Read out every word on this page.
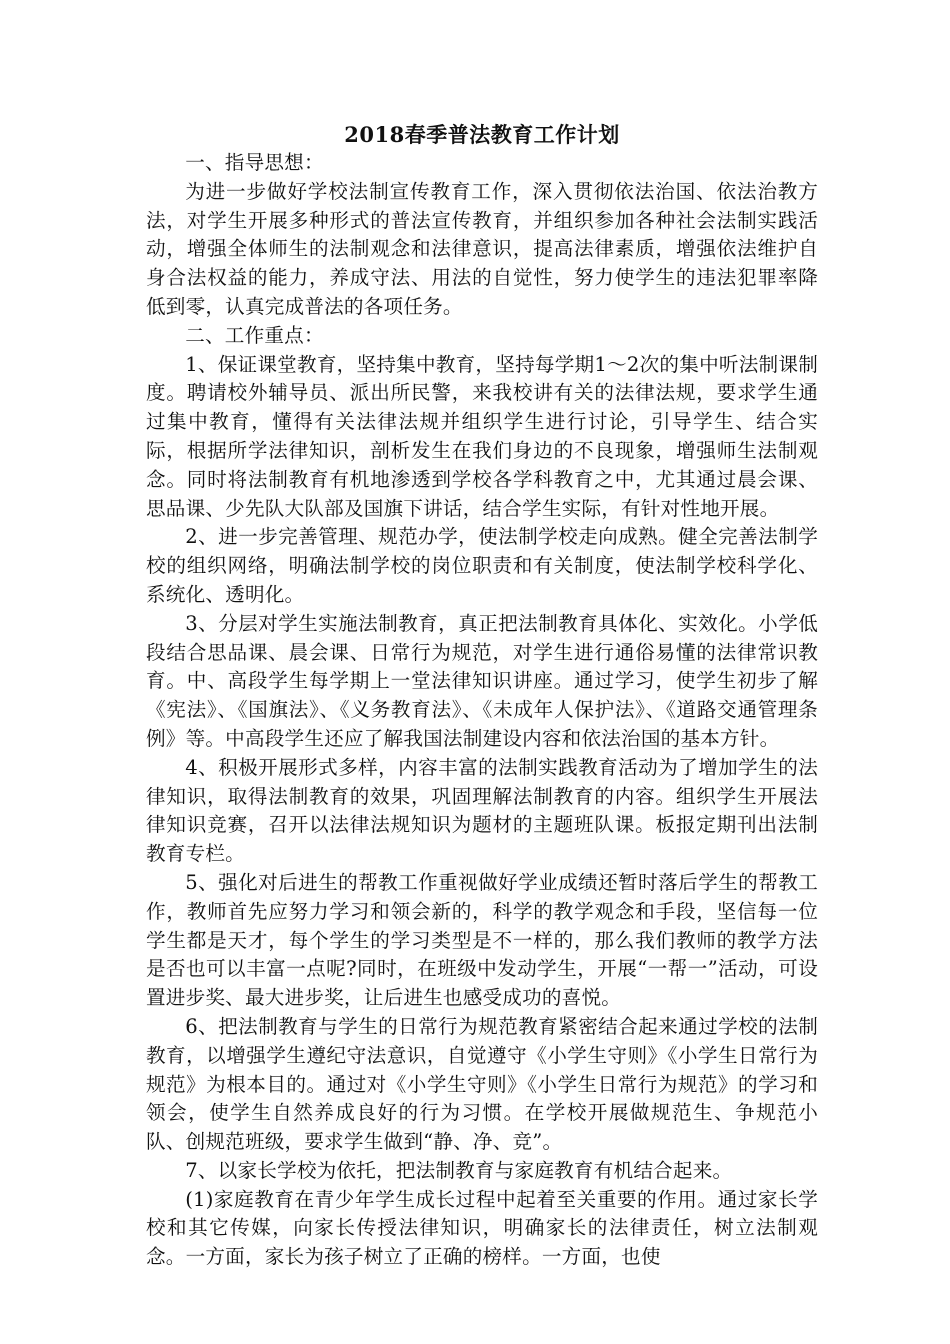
2018春季普法教育工作计划

一、指导思想：

为进一步做好学校法制宣传教育工作，深入贯彻依法治国、依法治教方法，对学生开展多种形式的普法宣传教育，并组织参加各种社会法制实践活动，增强全体师生的法制观念和法律意识，提高法律素质，增强依法维护自身合法权益的能力，养成守法、用法的自觉性，努力使学生的违法犯罪率降低到零，认真完成普法的各项任务。

二、工作重点：

1、保证课堂教育，坚持集中教育，坚持每学期1～2次的集中听法制课制度。聘请校外辅导员、派出所民警，来我校讲有关的法律法规，要求学生通过集中教育，懂得有关法律法规并组织学生进行讨论，引导学生、结合实际，根据所学法律知识，剖析发生在我们身边的不良现象，增强师生法制观念。同时将法制教育有机地渗透到学校各学科教育之中，尤其通过晨会课、思品课、少先队大队部及国旗下讲话，结合学生实际，有针对性地开展。

2、进一步完善管理、规范办学，使法制学校走向成熟。健全完善法制学校的组织网络，明确法制学校的岗位职责和有关制度，使法制学校科学化、系统化、透明化。

3、分层对学生实施法制教育，真正把法制教育具体化、实效化。小学低段结合思品课、晨会课、日常行为规范，对学生进行通俗易懂的法律常识教育。中、高段学生每学期上一堂法律知识讲座。通过学习，使学生初步了解《宪法》、《国旗法》、《义务教育法》、《未成年人保护法》、《道路交通管理条例》等。中高段学生还应了解我国法制建设内容和依法治国的基本方针。

4、积极开展形式多样，内容丰富的法制实践教育活动为了增加学生的法律知识，取得法制教育的效果，巩固理解法制教育的内容。组织学生开展法律知识竞赛，召开以法律法规知识为题材的主题班队课。板报定期刊出法制教育专栏。

5、强化对后进生的帮教工作重视做好学业成绩还暂时落后学生的帮教工作，教师首先应努力学习和领会新的，科学的教学观念和手段，坚信每一位学生都是天才，每个学生的学习类型是不一样的，那么我们教师的教学方法是否也可以丰富一点呢?同时，在班级中发动学生，开展“一帮一”活动，可设置进步奖、最大进步奖，让后进生也感受成功的喜悦。

6、把法制教育与学生的日常行为规范教育紧密结合起来通过学校的法制教育，以增强学生遵纪守法意识，自觉遵守《小学生守则》《小学生日常行为规范》为根本目的。通过对《小学生守则》《小学生日常行为规范》的学习和领会，使学生自然养成良好的行为习惯。在学校开展做规范生、争规范小队、创规范班级，要求学生做到“静、净、竞”。

7、以家长学校为依托，把法制教育与家庭教育有机结合起来。

(1)家庭教育在青少年学生成长过程中起着至关重要的作用。通过家长学校和其它传媒，向家长传授法律知识，明确家长的法律责任，树立法制观念。一方面，家长为孩子树立了正确的榜样。一方面，也使
